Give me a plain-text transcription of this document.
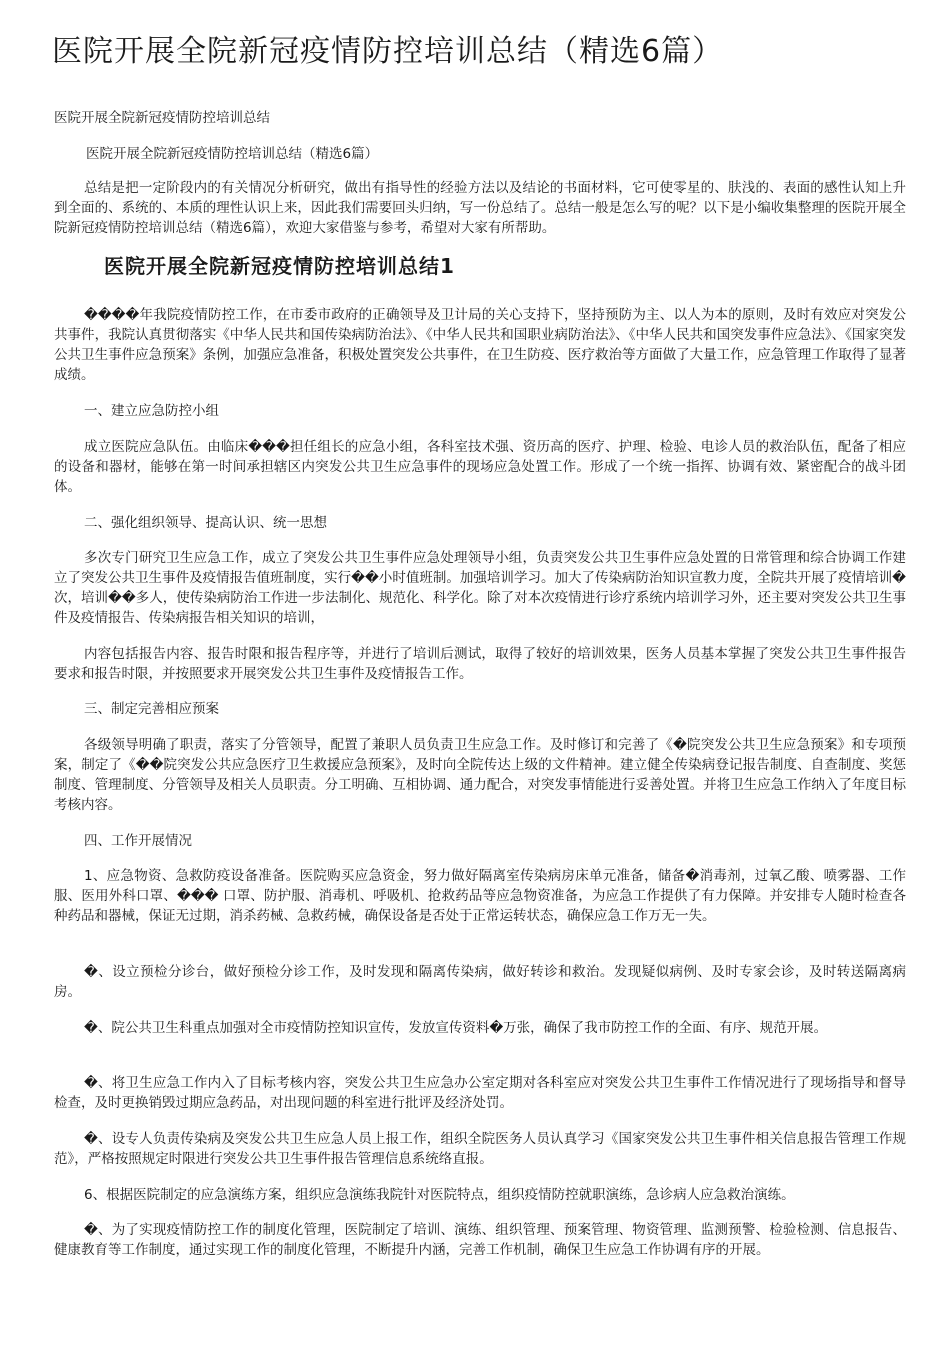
医院开展全院新冠疫情防控培训总结（精选6篇）

医院开展全院新冠疫情防控培训总结

医院开展全院新冠疫情防控培训总结（精选6篇）

总结是把一定阶段内的有关情况分析研究，做出有指导性的经验方法以及结论的书面材料，它可使零星的、肤浅的、表面的感性认知上升到全面的、系统的、本质的理性认识上来，因此我们需要回头归纳，写一份总结了。总结一般是怎么写的呢？以下是小编收集整理的医院开展全院新冠疫情防控培训总结（精选6篇），欢迎大家借鉴与参考，希望对大家有所帮助。

医院开展全院新冠疫情防控培训总结1

����年我院疫情防控工作，在市委市政府的正确领导及卫计局的关心支持下，坚持预防为主、以人为本的原则，及时有效应对突发公共事件，我院认真贯彻落实《中华人民共和国传染病防治法》、《中华人民共和国职业病防治法》、《中华人民共和国突发事件应急法》、《国家突发公共卫生事件应急预案》条例，加强应急准备，积极处置突发公共事件，在卫生防疫、医疗救治等方面做了大量工作，应急管理工作取得了显著成绩。

一、建立应急防控小组

成立医院应急队伍。由临床���担任组长的应急小组，各科室技术强、资历高的医疗、护理、检验、电诊人员的救治队伍，配备了相应的设备和器材，能够在第一时间承担辖区内突发公共卫生应急事件的现场应急处置工作。形成了一个统一指挥、协调有效、紧密配合的战斗团体。

二、强化组织领导、提高认识、统一思想

多次专门研究卫生应急工作，成立了突发公共卫生事件应急处理领导小组，负责突发公共卫生事件应急处置的日常管理和综合协调工作建立了突发公共卫生事件及疫情报告值班制度，实行��小时值班制。加强培训学习。加大了传染病防治知识宣教力度，全院共开展了疫情培训�次，培训��多人，使传染病防治工作进一步法制化、规范化、科学化。除了对本次疫情进行诊疗系统内培训学习外，还主要对突发公共卫生事件及疫情报告、传染病报告相关知识的培训，

内容包括报告内容、报告时限和报告程序等，并进行了培训后测试，取得了较好的培训效果，医务人员基本掌握了突发公共卫生事件报告要求和报告时限，并按照要求开展突发公共卫生事件及疫情报告工作。

三、制定完善相应预案

各级领导明确了职责，落实了分管领导，配置了兼职人员负责卫生应急工作。及时修订和完善了《�院突发公共卫生应急预案》和专项预案，制定了《��院突发公共应急医疗卫生救援应急预案》，及时向全院传达上级的文件精神。建立健全传染病登记报告制度、自查制度、奖惩制度、管理制度、分管领导及相关人员职责。分工明确、互相协调、通力配合，对突发事情能进行妥善处置。并将卫生应急工作纳入了年度目标考核内容。

四、工作开展情况

1、应急物资、急救防疫设备准备。医院购买应急资金，努力做好隔离室传染病房床单元准备，储备�消毒剂，过氧乙酸、喷雾器、工作服、医用外科口罩、��� 口罩、防护服、消毒机、呼吸机、抢救药品等应急物资准备，为应急工作提供了有力保障。并安排专人随时检查各种药品和器械，保证无过期，消杀药械、急救药械，确保设备是否处于正常运转状态，确保应急工作万无一失。

�、设立预检分诊台，做好预检分诊工作，及时发现和隔离传染病，做好转诊和救治。发现疑似病例、及时专家会诊，及时转送隔离病房。

�、院公共卫生科重点加强对全市疫情防控知识宣传，发放宣传资料�万张，确保了我市防控工作的全面、有序、规范开展。

�、将卫生应急工作内入了目标考核内容，突发公共卫生应急办公室定期对各科室应对突发公共卫生事件工作情况进行了现场指导和督导检查，及时更换销毁过期应急药品，对出现问题的科室进行批评及经济处罚。

�、设专人负责传染病及突发公共卫生应急人员上报工作，组织全院医务人员认真学习《国家突发公共卫生事件相关信息报告管理工作规范》，严格按照规定时限进行突发公共卫生事件报告管理信息系统络直报。

6、根据医院制定的应急演练方案，组织应急演练我院针对医院特点，组织疫情防控就职演练，急诊病人应急救治演练。

�、为了实现疫情防控工作的制度化管理，医院制定了培训、演练、组织管理、预案管理、物资管理、监测预警、检验检测、信息报告、健康教育等工作制度，通过实现工作的制度化管理，不断提升内涵，完善工作机制，确保卫生应急工作协调有序的开展。
